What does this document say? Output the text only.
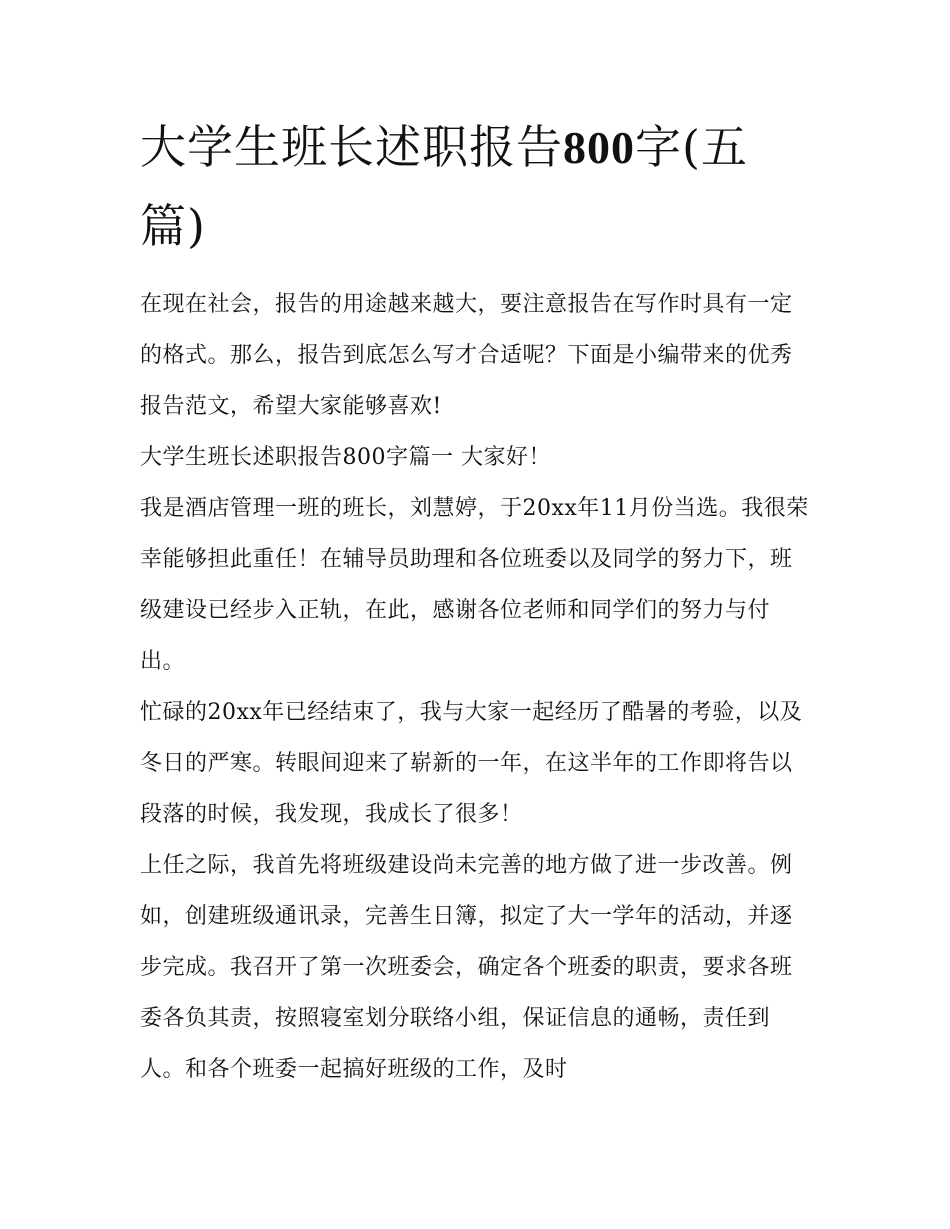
大学生班长述职报告800字(五篇)

在现在社会，报告的用途越来越大，要注意报告在写作时具有一定的格式。那么，报告到底怎么写才合适呢？下面是小编带来的优秀报告范文，希望大家能够喜欢!

大学生班长述职报告800字篇一 大家好！

我是酒店管理一班的班长，刘慧婷，于20xx年11月份当选。我很荣幸能够担此重任！在辅导员助理和各位班委以及同学的努力下，班级建设已经步入正轨，在此，感谢各位老师和同学们的努力与付出。

忙碌的20xx年已经结束了，我与大家一起经历了酷暑的考验，以及冬日的严寒。转眼间迎来了崭新的一年，在这半年的工作即将告以段落的时候，我发现，我成长了很多！

上任之际，我首先将班级建设尚未完善的地方做了进一步改善。例如，创建班级通讯录，完善生日簿，拟定了大一学年的活动，并逐步完成。我召开了第一次班委会，确定各个班委的职责，要求各班委各负其责，按照寝室划分联络小组，保证信息的通畅，责任到人。和各个班委一起搞好班级的工作，及时
